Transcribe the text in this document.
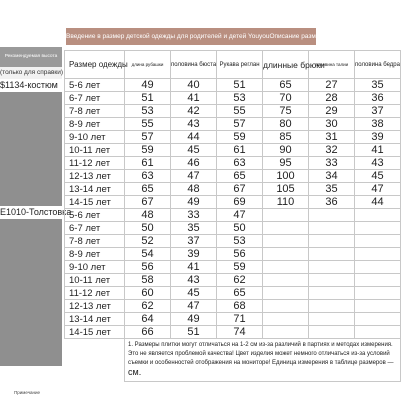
Введение в размер детской одежды для родителей и детей YouyouОписание размера
Рекомендуемая высота
(только для справки)
$1134-костюм
E1010-Толстовка
Примечание
Размер одежды	длина рубашки	половина бюста	Рукава реглан	длинные брюки	половина талии	половина бедра
5-6 лет	49	40	51	65	27	35
6-7 лет	51	41	53	70	28	36
7-8 лет	53	42	55	75	29	37
8-9 лет	55	43	57	80	30	38
9-10 лет	57	44	59	85	31	39
10-11 лет	59	45	61	90	32	41
11-12 лет	61	46	63	95	33	43
12-13 лет	63	47	65	100	34	45
13-14 лет	65	48	67	105	35	47
14-15 лет	67	49	69	110	36	44
5-6 лет	48	33	47			
6-7 лет	50	35	50			
7-8 лет	52	37	53			
8-9 лет	54	39	56			
9-10 лет	56	41	59			
10-11 лет	58	43	62			
11-12 лет	60	45	65			
12-13 лет	62	47	68			
13-14 лет	64	49	71			
14-15 лет	66	51	74			
	1. Размеры плитки могут отличаться на 1-2 см из-за различий в партиях и методах измерения. Это не является проблемой качества! Цвет изделия может немного отличаться из-за условий съемки и особенностей отображения на мониторе! Единица измерения в таблице размеров — см.					
